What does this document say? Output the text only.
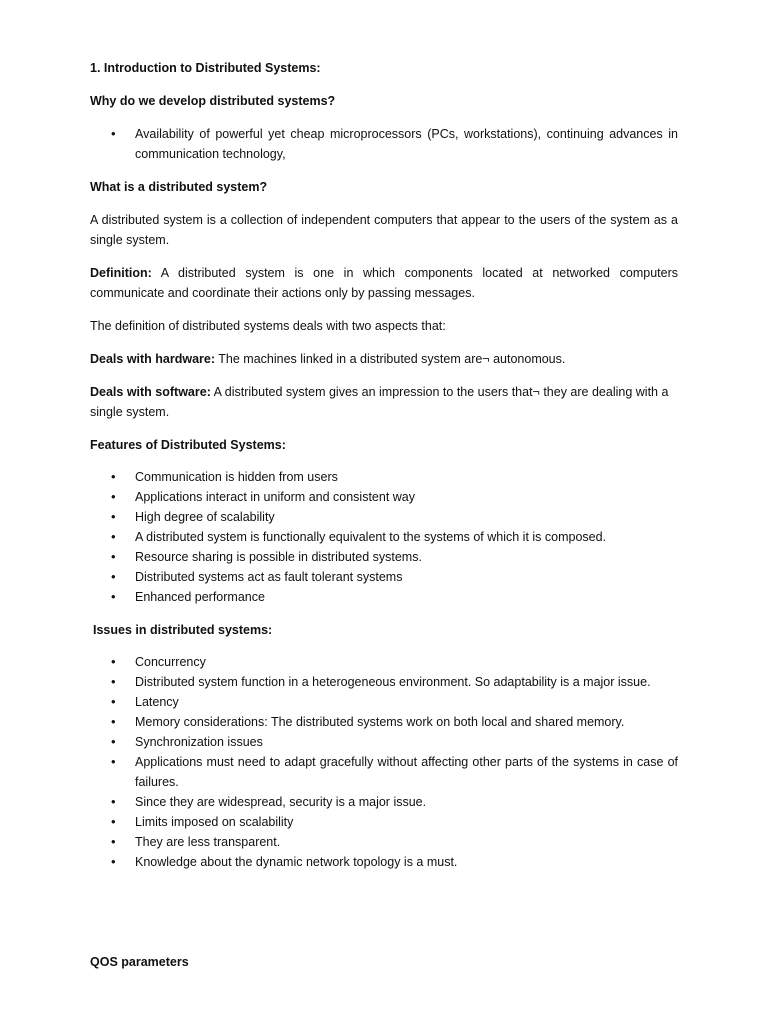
1. Introduction to Distributed Systems:

Why do we develop distributed systems?

• Availability of powerful yet cheap microprocessors (PCs, workstations), continuing advances in communication technology,

What is a distributed system?

A distributed system is a collection of independent computers that appear to the users of the system as a single system.

Definition: A distributed system is one in which components located at networked computers communicate and coordinate their actions only by passing messages.

The definition of distributed systems deals with two aspects that:

Deals with hardware: The machines linked in a distributed system are¬ autonomous.

Deals with software: A distributed system gives an impression to the users that¬ they are dealing with a single system.

Features of Distributed Systems:

• Communication is hidden from users
• Applications interact in uniform and consistent way
• High degree of scalability
• A distributed system is functionally equivalent to the systems of which it is composed.
• Resource sharing is possible in distributed systems.
• Distributed systems act as fault tolerant systems
• Enhanced performance

Issues in distributed systems:

• Concurrency
• Distributed system function in a heterogeneous environment. So adaptability is a major issue.
• Latency
• Memory considerations: The distributed systems work on both local and shared memory.
• Synchronization issues
• Applications must need to adapt gracefully without affecting other parts of the systems in case of failures.
• Since they are widespread, security is a major issue.
• Limits imposed on scalability
• They are less transparent.
• Knowledge about the dynamic network topology is a must.

QOS parameters
